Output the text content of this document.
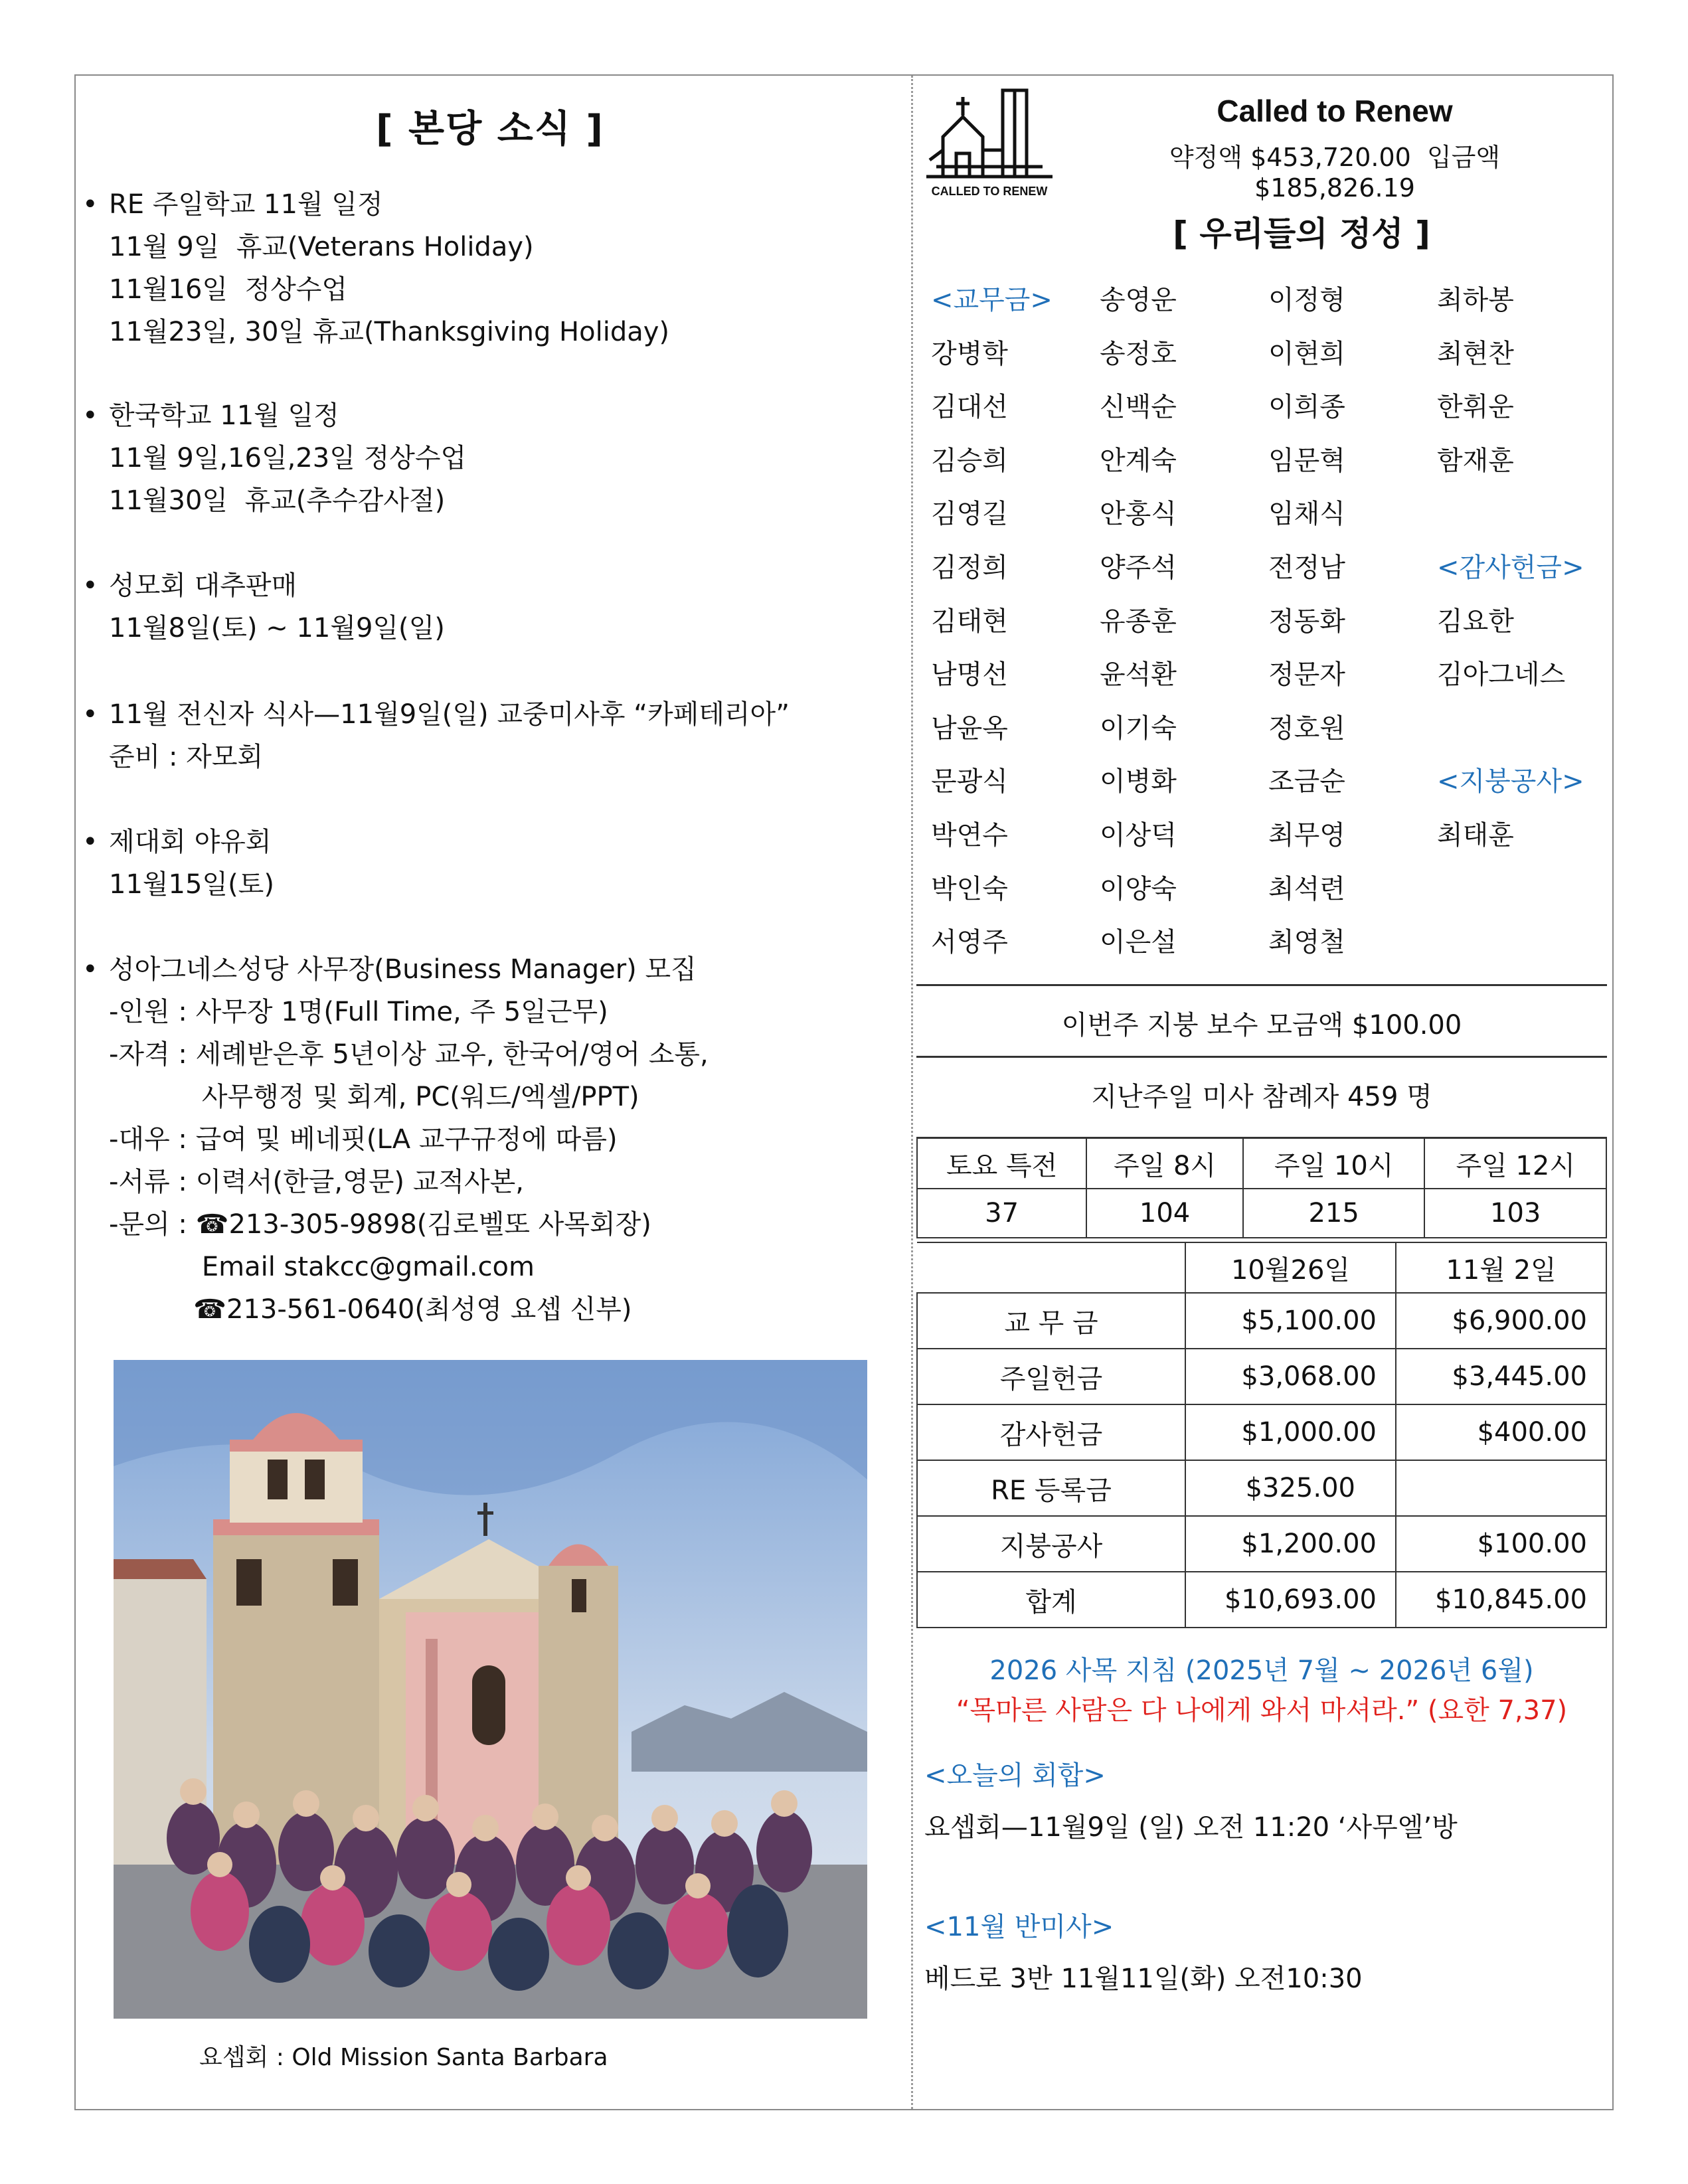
[ 본당 소식 ]
• RE 주일학교 11월 일정
11월 9일  휴교(Veterans Holiday)
11월16일  정상수업
11월23일, 30일 휴교(Thanksgiving Holiday)
• 한국학교 11월 일정
11월 9일,16일,23일 정상수업
11월30일  휴교(추수감사절)
• 성모회 대추판매
11월8일(토) ~ 11월9일(일)
• 11월 전신자 식사—11월9일(일) 교중미사후 “카페테리아”
준비 : 자모회
• 제대회 야유회
11월15일(토)
• 성아그네스성당 사무장(Business Manager) 모집
-인원 : 사무장 1명(Full Time, 주 5일근무)
-자격 : 세례받은후 5년이상 교우, 한국어/영어 소통,
사무행정 및 회계, PC(워드/엑셀/PPT)
-대우 : 급여 및 베네핏(LA 교구규정에 따름)
-서류 : 이력서(한글,영문) 교적사본,
-문의 : ☎213-305-9898(김로벨또 사목회장)
Email stakcc@gmail.com
☎213-561-0640(최성영 요셉 신부)
요셉회 : Old Mission Santa Barbara
CALLED TO RENEW
Called to Renew
약정액 $453,720.00 입금액 $185,826.19
[ 우리들의 정성 ]
<교무금>	송영운	이정형	최하봉
강병학	송정호	이현희	최현찬
김대선	신백순	이희종	한휘운
김승희	안계숙	임문혁	함재훈
김영길	안홍식	임채식
김정희	양주석	전정남	<감사헌금>
김태현	유종훈	정동화	김요한
남명선	윤석환	정문자	김아그네스
남윤옥	이기숙	정호원
문광식	이병화	조금순	<지붕공사>
박연수	이상덕	최무영	최태훈
박인숙	이양숙	최석련
서영주	이은설	최영철
이번주 지붕 보수 모금액 $100.00
지난주일 미사 참례자 459 명
토요 특전	주일 8시	주일 10시	주일 12시
37	104	215	103
	10월26일	11월 2일
교 무 금	$5,100.00	$6,900.00
주일헌금	$3,068.00	$3,445.00
감사헌금	$1,000.00	$400.00
RE 등록금	$325.00	
지붕공사	$1,200.00	$100.00
합계	$10,693.00	$10,845.00
2026 사목 지침 (2025년 7월 ~ 2026년 6월)
“목마른 사람은 다 나에게 와서 마셔라.” (요한 7,37)
<오늘의 회합>
요셉회—11월9일 (일) 오전 11:20 ‘사무엘’방
<11월 반미사>
베드로 3반 11월11일(화) 오전10:30
